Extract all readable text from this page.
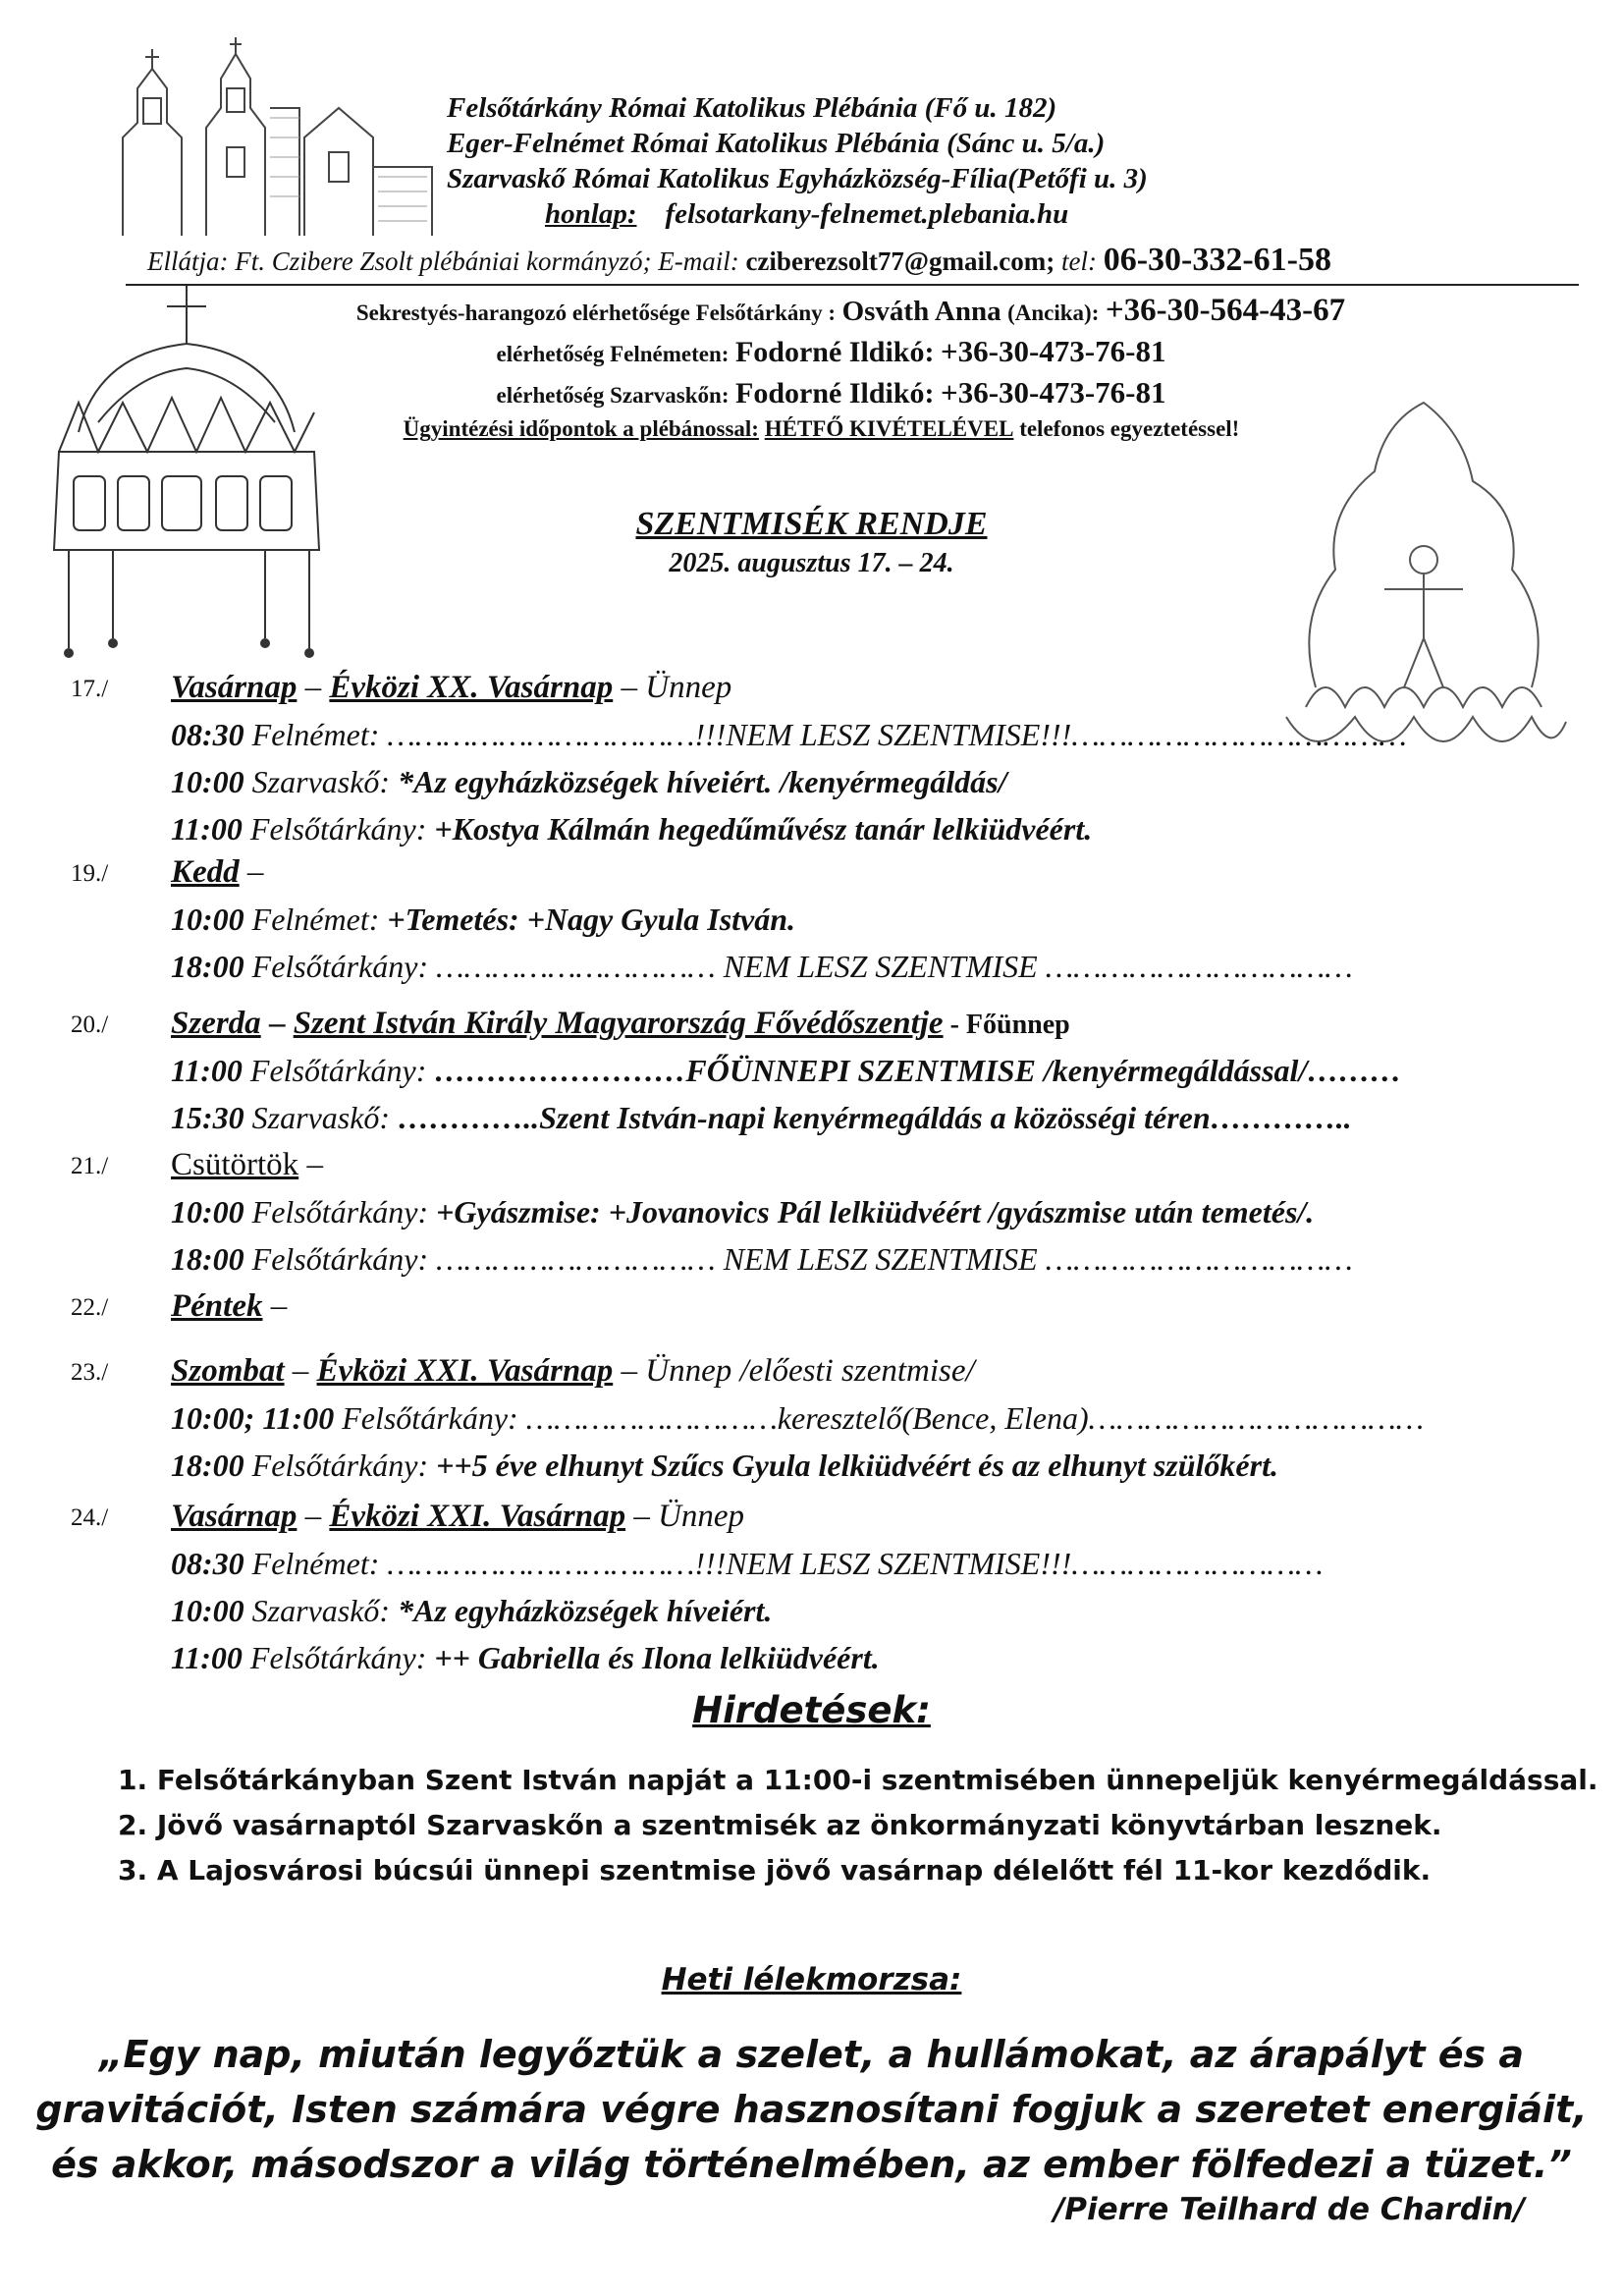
Felsőtárkány Római Katolikus Plébánia (Fő u. 182)
Eger-Felnémet Római Katolikus Plébánia (Sánc u. 5/a.)
Szarvaskő Római Katolikus Egyházközség-Fília(Petőfi u. 3)
honlap: felsotarkany-felnemet.plebania.hu
Ellátja: Ft. Czibere Zsolt plébániai kormányzó; E-mail: cziberezsolt77@gmail.com; tel: 06-30-332-61-58
Sekrestyés-harangozó elérhetősége Felsőtárkány : Osváth Anna (Ancika): +36-30-564-43-67
elérhetőség Felnémeten: Fodorné Ildikó: +36-30-473-76-81
elérhetőség Szarvaskőn: Fodorné Ildikó: +36-30-473-76-81
Ügyintézési időpontok a plébánossal: HÉTFŐ KIVÉTELÉVEL telefonos egyeztetéssel!
SZENTMISÉK RENDJE
2025. augusztus 17. – 24.
17./ Vasárnap – Évközi XX. Vasárnap – Ünnep
08:30 Felnémet: ……………………………!!!NEM LESZ SZENTMISE!!!………………………………
10:00 Szarvaskő: *Az egyházközségek híveiért. /kenyérmegáldás/
11:00 Felsőtárkány: +Kostya Kálmán hegedűművész tanár lelkiüdvéért.
19./ Kedd –
10:00 Felnémet: +Temetés: +Nagy Gyula István.
18:00 Felsőtárkány: ………………………… NEM LESZ SZENTMISE ……………………………
20./ Szerda – Szent István Király Magyarország Fővédőszentje - Főünnep
11:00 Felsőtárkány: ……………………FŐÜNNEPI SZENTMISE /kenyérmegáldással/………
15:30 Szarvaskő: …………..Szent István-napi kenyérmegáldás a közösségi téren…………..
21./ Csütörtök –
10:00 Felsőtárkány: +Gyászmise: +Jovanovics Pál lelkiüdvéért /gyászmise után temetés/.
18:00 Felsőtárkány: ………………………… NEM LESZ SZENTMISE ……………………………
22./ Péntek –
23./ Szombat – Évközi XXI. Vasárnap – Ünnep /előesti szentmise/
10:00; 11:00 Felsőtárkány: ………………………keresztelő(Bence, Elena)………………………………
18:00 Felsőtárkány: ++5 éve elhunyt Szűcs Gyula lelkiüdvéért és az elhunyt szülőkért.
24./ Vasárnap – Évközi XXI. Vasárnap – Ünnep
08:30 Felnémet: ……………………………!!!NEM LESZ SZENTMISE!!!………………………
10:00 Szarvaskő: *Az egyházközségek híveiért.
11:00 Felsőtárkány: ++ Gabriella és Ilona lelkiüdvéért.
Hirdetések:
1. Felsőtárkányban Szent István napját a 11:00-i szentmisében ünnepeljük kenyérmegáldással.
2. Jövő vasárnaptól Szarvaskőn a szentmisék az önkormányzati könyvtárban lesznek.
3. A Lajosvárosi búcsúi ünnepi szentmise jövő vasárnap délelőtt fél 11-kor kezdődik.
Heti lélekmorzsa:
„Egy nap, miután legyőztük a szelet, a hullámokat, az árapályt és a
gravitációt, Isten számára végre hasznosítani fogjuk a szeretet energiáit,
és akkor, másodszor a világ történelmében, az ember fölfedezi a tüzet.”
/Pierre Teilhard de Chardin/
